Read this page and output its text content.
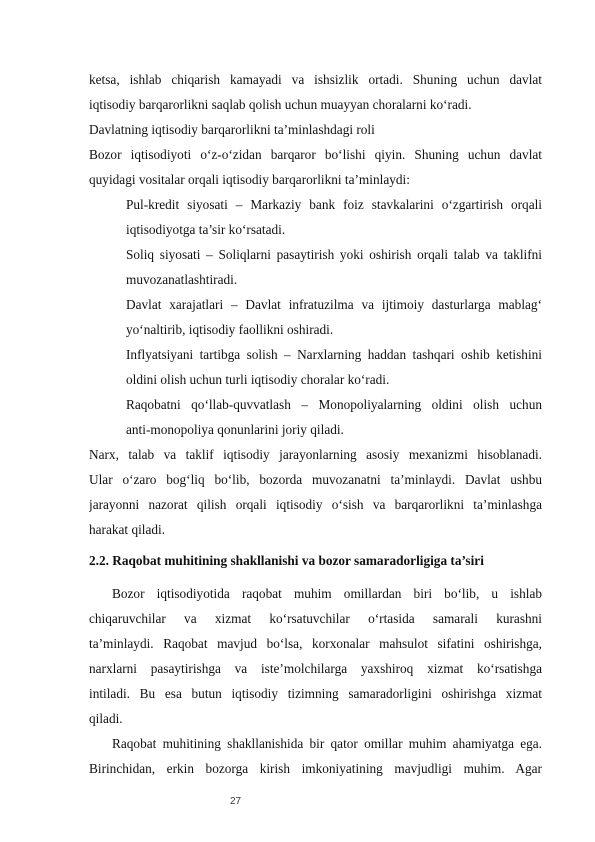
ketsa, ishlab chiqarish kamayadi va ishsizlik ortadi. Shuning uchun davlat
iqtisodiy barqarorlikni saqlab qolish uchun muayyan choralarni ko‘radi.
Davlatning iqtisodiy barqarorlikni ta’minlashdagi roli
Bozor iqtisodiyoti o‘z-o‘zidan barqaror bo‘lishi qiyin. Shuning uchun davlat
quyidagi vositalar orqali iqtisodiy barqarorlikni ta’minlaydi:
Pul-kredit siyosati – Markaziy bank foiz stavkalarini o‘zgartirish orqali
iqtisodiyotga ta’sir ko‘rsatadi.
Soliq siyosati – Soliqlarni pasaytirish yoki oshirish orqali talab va taklifni
muvozanatlashtiradi.
Davlat xarajatlari – Davlat infratuzilma va ijtimoiy dasturlarga mablag‘
yo‘naltirib, iqtisodiy faollikni oshiradi.
Inflyatsiyani tartibga solish – Narxlarning haddan tashqari oshib ketishini
oldini olish uchun turli iqtisodiy choralar ko‘radi.
Raqobatni qo‘llab-quvvatlash – Monopoliyalarning oldini olish uchun
anti-monopoliya qonunlarini joriy qiladi.
Narx, talab va taklif iqtisodiy jarayonlarning asosiy mexanizmi hisoblanadi.
Ular o‘zaro bog‘liq bo‘lib, bozorda muvozanatni ta’minlaydi. Davlat ushbu
jarayonni nazorat qilish orqali iqtisodiy o‘sish va barqarorlikni ta’minlashga
harakat qiladi.
2.2. Raqobat muhitining shakllanishi va bozor samaradorligiga ta’siri
Bozor iqtisodiyotida raqobat muhim omillardan biri bo‘lib, u ishlab
chiqaruvchilar va xizmat ko‘rsatuvchilar o‘rtasida samarali kurashni
ta’minlaydi. Raqobat mavjud bo‘lsa, korxonalar mahsulot sifatini oshirishga,
narxlarni pasaytirishga va iste’molchilarga yaxshiroq xizmat ko‘rsatishga
intiladi. Bu esa butun iqtisodiy tizimning samaradorligini oshirishga xizmat
qiladi.
Raqobat muhitining shakllanishida bir qator omillar muhim ahamiyatga ega.
Birinchidan, erkin bozorga kirish imkoniyatining mavjudligi muhim. Agar
27
